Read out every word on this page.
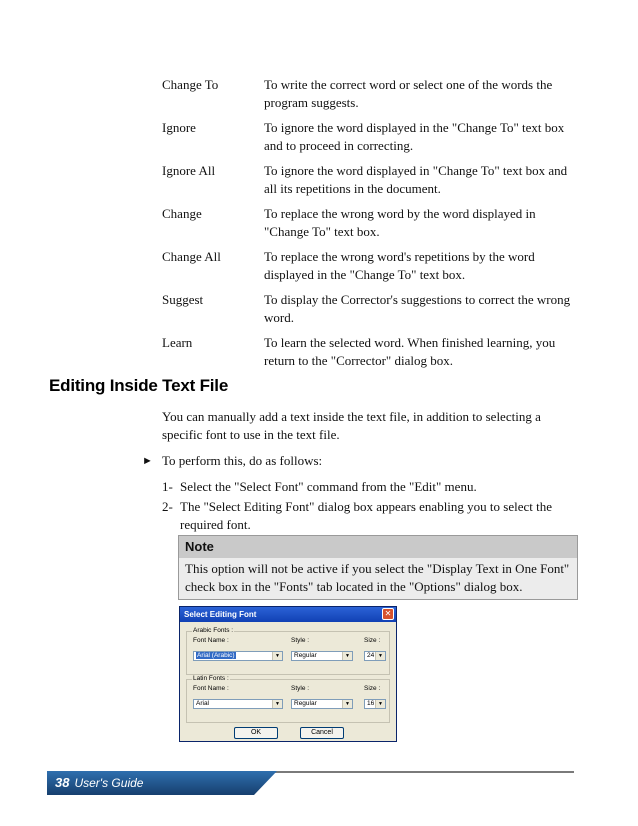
Change To	To write the correct word or select one of the words the program suggests.
Ignore	To ignore the word displayed in the "Change To" text box and to proceed in correcting.
Ignore All	To ignore the word displayed in "Change To" text box and all its repetitions in the document.
Change	To replace the wrong word by the word displayed in "Change To" text box.
Change All	To replace the wrong word's repetitions by the word displayed in the "Change To" text box.
Suggest	To display the Corrector's suggestions to correct the wrong word.
Learn	To learn the selected word. When finished learning, you return to the "Corrector" dialog box.
Editing Inside Text File
You can manually add a text inside the text file, in addition to selecting a specific font to use in the text file.
► To perform this, do as follows:
1- Select the "Select Font" command from the "Edit" menu.
2- The "Select Editing Font" dialog box appears enabling you to select the required font.
Note
This option will not be active if you select the "Display Text in One Font" check box in the "Fonts" tab located in the "Options" dialog box.
Select Editing Font	✕
Arabic Fonts :
Font Name :	Style :	Size :
Arial (Arabic)	▼	Regular	▼	24 ▼
Latin Fonts :
Font Name :	Style :	Size :
Arial	▼	Regular	▼	16 ▼
OK	Cancel
38 User's Guide
